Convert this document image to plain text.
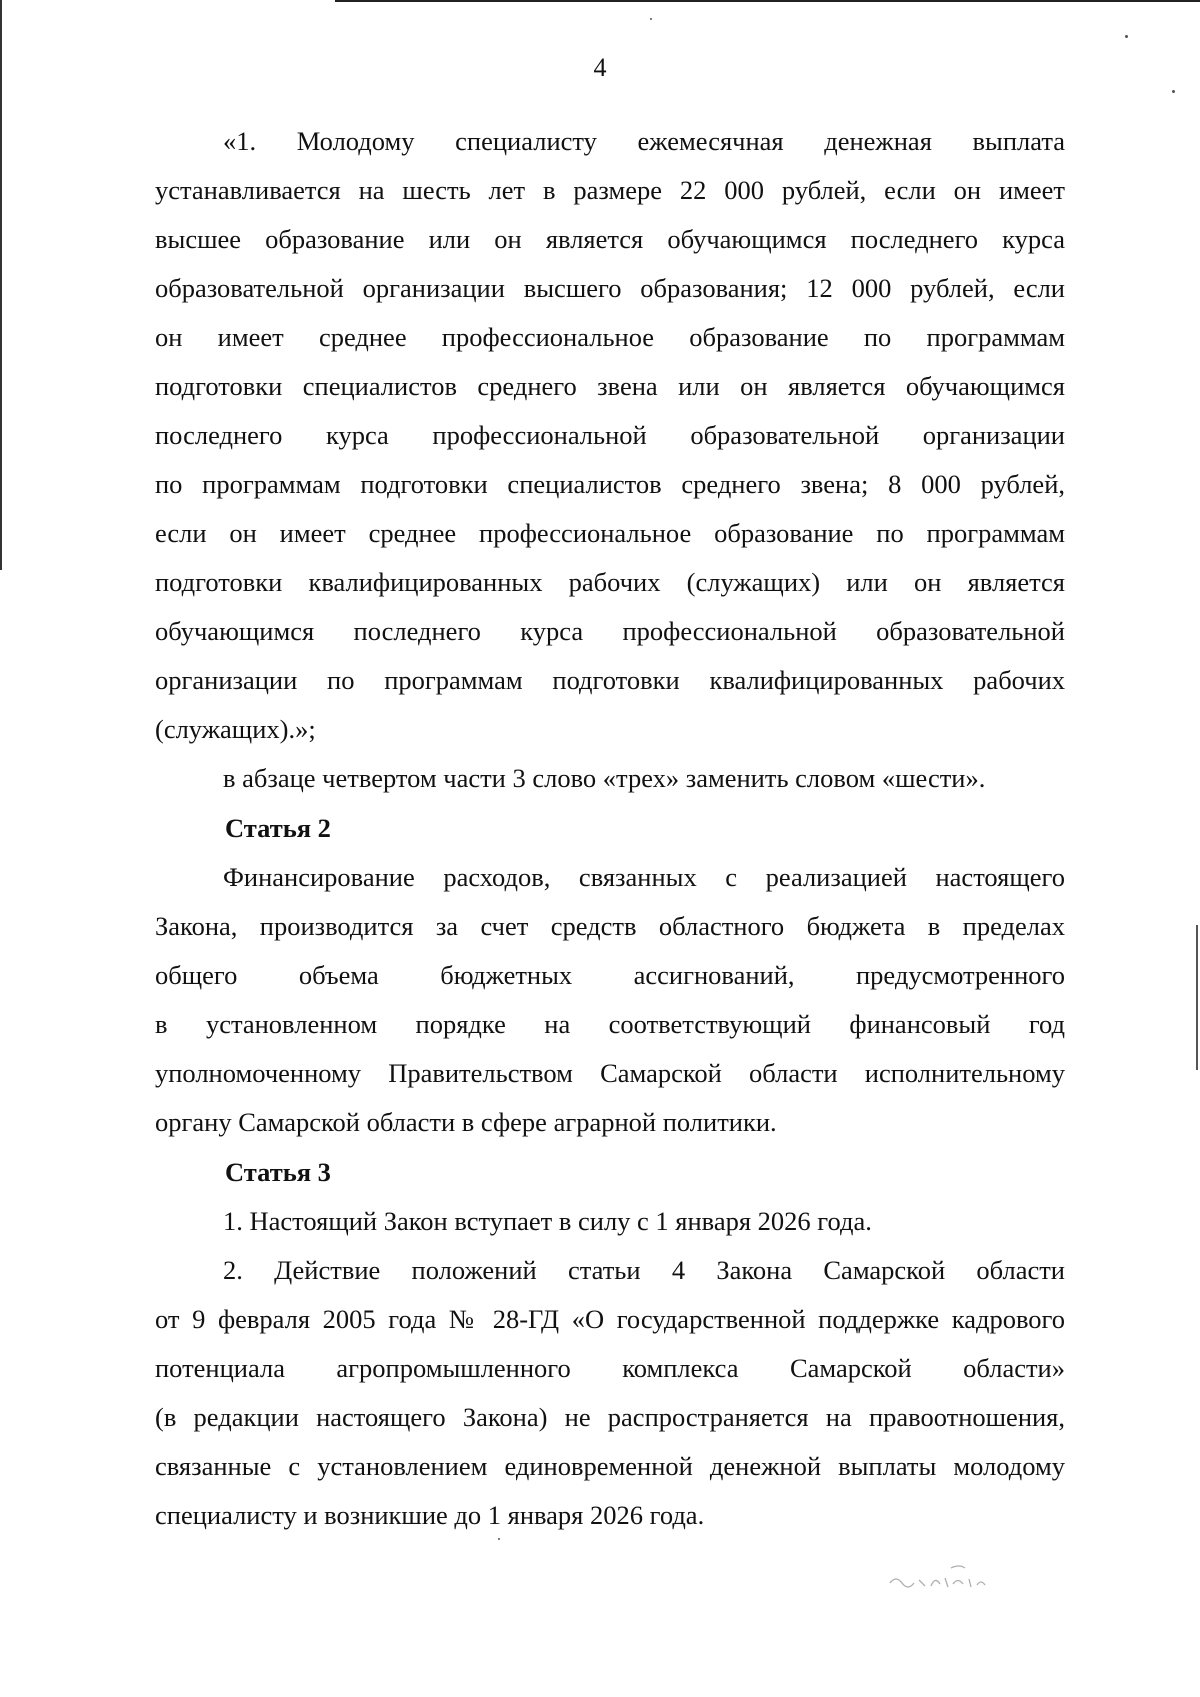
4
«1. Молодому специалисту ежемесячная денежная выплата
устанавливается на шесть лет в размере 22 000 рублей, если он имеет
высшее образование или он является обучающимся последнего курса
образовательной организации высшего образования; 12 000 рублей, если
он имеет среднее профессиональное образование по программам
подготовки специалистов среднего звена или он является обучающимся
последнего курса профессиональной образовательной организации
по программам подготовки специалистов среднего звена; 8 000 рублей,
если он имеет среднее профессиональное образование по программам
подготовки квалифицированных рабочих (служащих) или он является
обучающимся последнего курса профессиональной образовательной
организации по программам подготовки квалифицированных рабочих
(служащих).»;
в абзаце четвертом части 3 слово «трех» заменить словом «шести».
Статья 2
Финансирование расходов, связанных с реализацией настоящего
Закона, производится за счет средств областного бюджета в пределах
общего объема бюджетных ассигнований, предусмотренного
в установленном порядке на соответствующий финансовый год
уполномоченному Правительством Самарской области исполнительному
органу Самарской области в сфере аграрной политики.
Статья 3
1. Настоящий Закон вступает в силу с 1 января 2026 года.
2. Действие положений статьи 4 Закона Самарской области
от 9 февраля 2005 года № 28-ГД «О государственной поддержке кадрового
потенциала агропромышленного комплекса Самарской области»
(в редакции настоящего Закона) не распространяется на правоотношения,
связанные с установлением единовременной денежной выплаты молодому
специалисту и возникшие до 1 января 2026 года.
